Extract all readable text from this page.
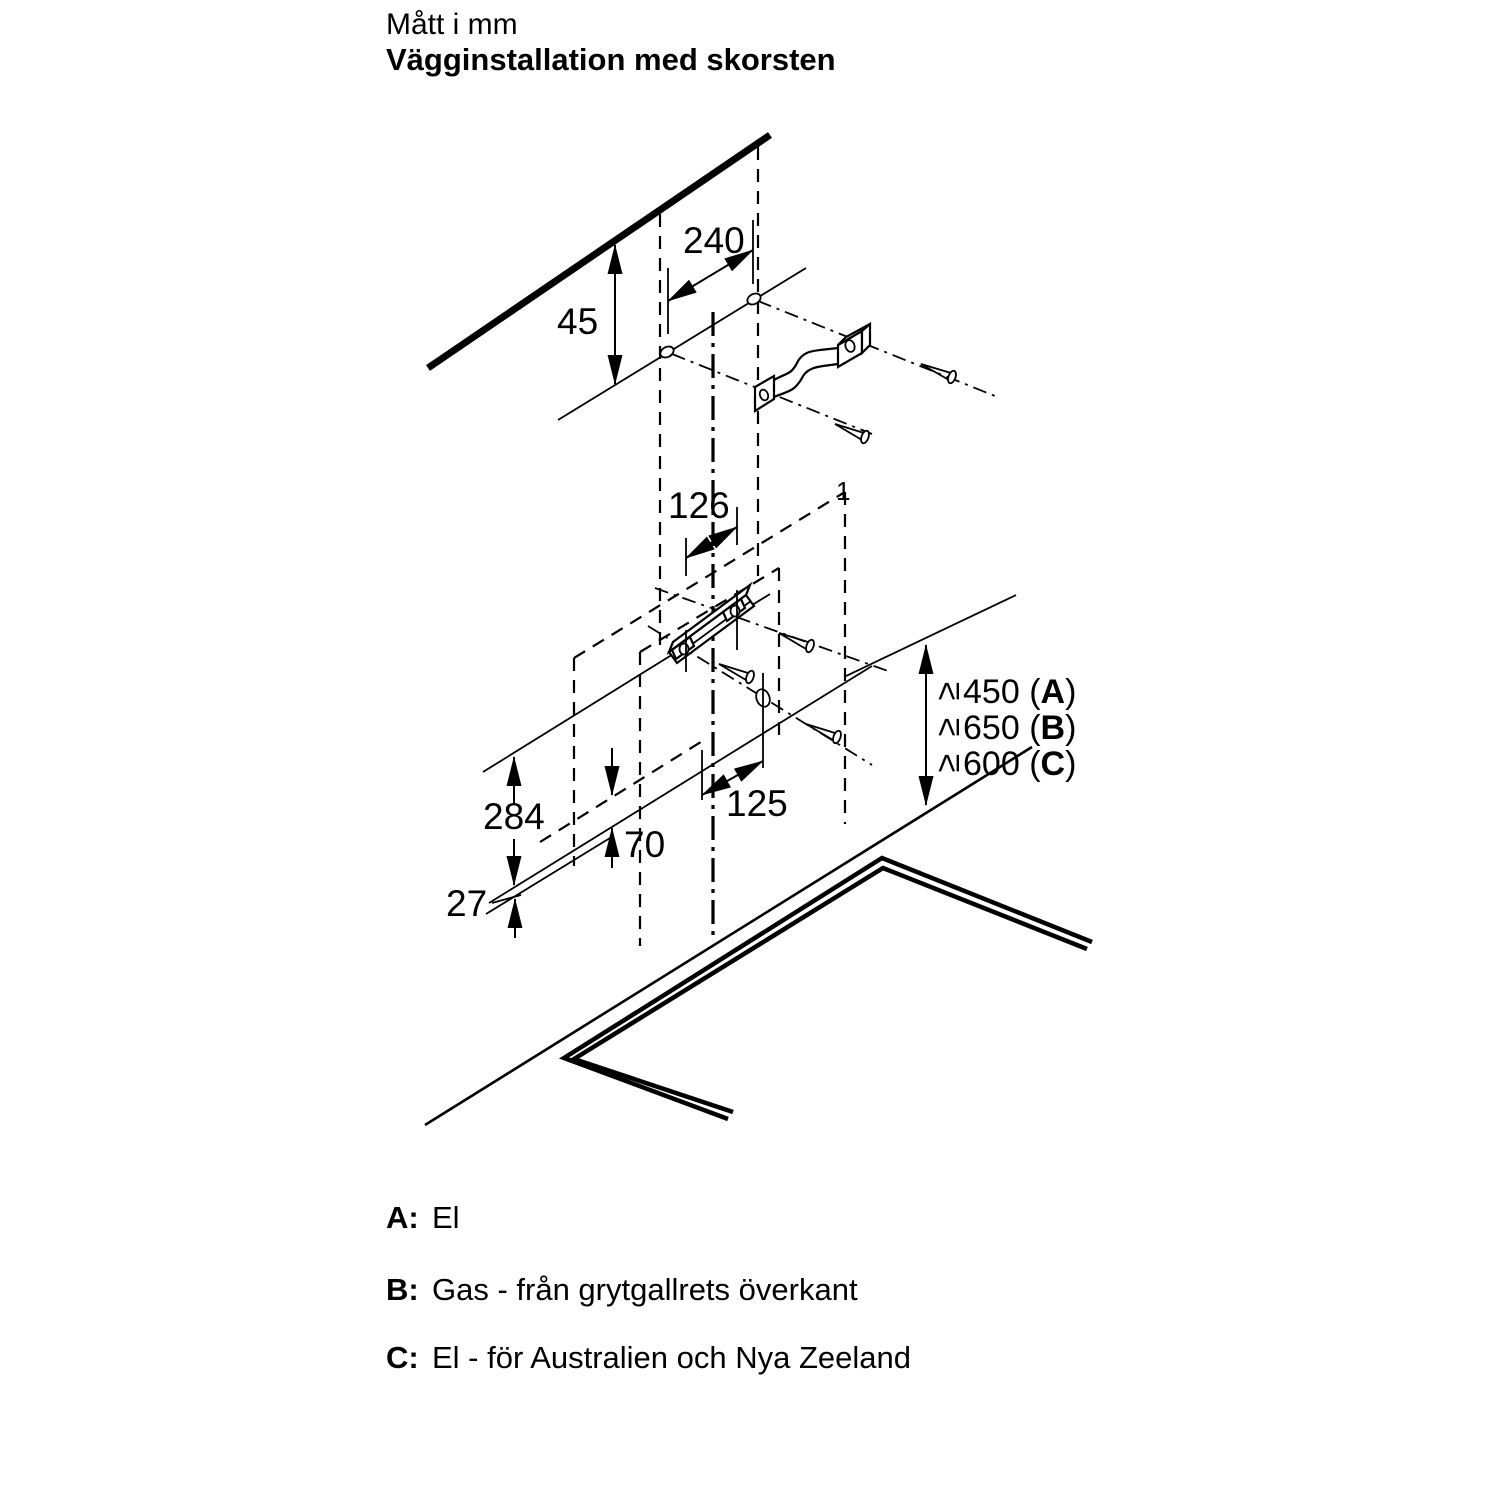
Mått i mm
Vägginstallation med skorsten
240
45
126
284
27
70
125
≥
450 (A)
≥
650 (B)
≥
600 (C)
1
A: El
B: Gas - från grytgallrets överkant
C: El - för Australien och Nya Zeeland
